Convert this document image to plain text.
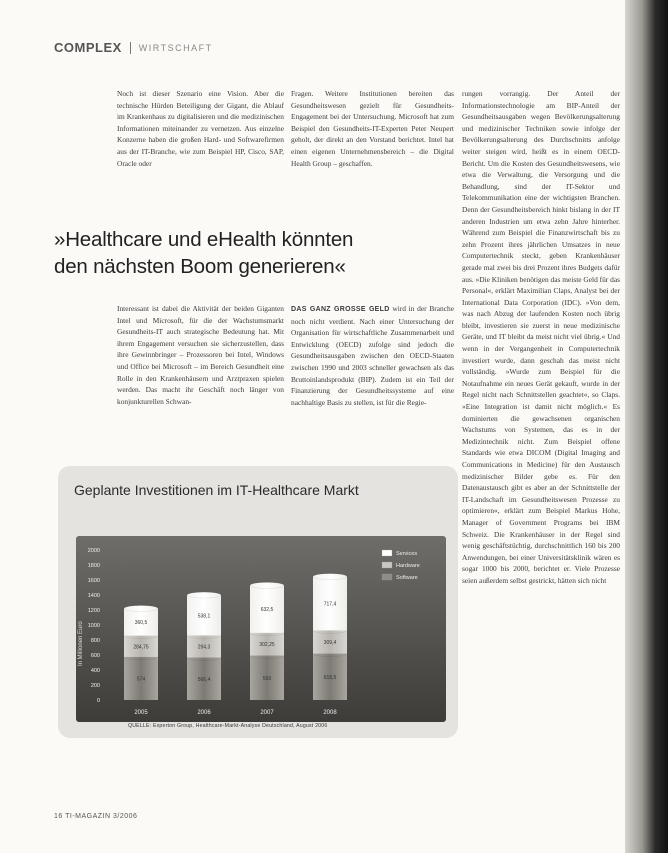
COMPLEX WIRTSCHAFT

Noch ist dieser Szenario eine Vision. Aber die technische Hürden Beteiligung der Gigant, die Ablauf im Krankenhaus zu digitalisieren und die medizinischen Informationen miteinander zu vernetzen. Aus einzelne Konzerne haben die großen Hard- und Softwarefirmen aus der IT-Branche, wie zum Beispiel HP, Cisco, SAP, Oracle oder

Fragen. Weitere Institutionen bereiten das Gesundheitswesen gezielt für Gesundheits-Engagement bei der Untersuchung. Microsoft hat zum Beispiel den Gesundheits-IT-Experten Peter Neupert geholt, der direkt an den Vorstand berichtet. Intel hat einen eigenen Unternehmensbereich – die Digital Health Group – geschaffen.

»Healthcare und eHealth könnten
den nächsten Boom generieren«

Interessant ist dabei die Aktivität der beiden Giganten Intel und Microsoft, für die der Wachstumsmarkt Gesundheits-IT auch strategische Bedeutung hat. Mit ihrem Engagement versuchen sie sicherzustellen, dass ihre Gewinnbringer – Prozessoren bei Intel, Windows und Office bei Microsoft – im Bereich Gesundheit eine Rolle in den Krankenhäusern und Arztpraxen spielen werden. Das macht ihr Geschäft noch länger von konjunkturellen Schwan-

DAS GANZ GROSSE GELD wird in der Branche noch nicht verdient. Nach einer Untersuchung der Organisation für wirtschaftliche Zusammenarbeit und Entwicklung (OECD) zufolge sind jedoch die Gesundheitsausgaben zwischen den OECD-Staaten zwischen 1990 und 2003 schneller gewachsen als das Bruttoinlandsprodukt (BIP). Zudem ist ein Teil der Finanzierung der Gesundheitssysteme auf eine nachhaltige Basis zu stellen, ist für die Regie-

rungen vorrangig. Der Anteil der Informationstechnologie am BIP-Anteil der Gesundheitsausgaben wegen Bevölkerungsalterung und medizinischer Techniken sowie infolge der Bevölkerungsalterung des Durchschnitts anfolge weiter steigen wird, heißt es in einem OECD-Bericht. Um die Kosten des Gesundheitswesens, wie etwa die Verwaltung, die Versorgung und die Behandlung, sind der IT-Sektor und Telekommunikation eine der wichtigsten Branchen. Denn der Gesundheitsbereich hinkt bislang in der IT anderen Industrien um etwa zehn Jahre hinterher. Während zum Beispiel die Finanzwirtschaft bis zu zehn Prozent ihres jährlichen Umsatzes in neue Computertechnik steckt, geben Krankenhäuser gerade mal zwei bis drei Prozent ihres Budgets dafür aus. »Die Kliniken benötigen das meiste Geld für das Personal«, erklärt Maximilian Claps, Analyst bei der International Data Corporation (IDC). »Von dem, was nach Abzug der laufenden Kosten noch übrig bleibt, investieren sie zuerst in neue medizinische Geräte, und IT bleibt da meist nicht viel übrig.« Und wenn in der Vergangenheit in Computertechnik investiert wurde, dann geschah das meist nicht vollständig. »Wurde zum Beispiel für die Notaufnahme ein neues Gerät gekauft, wurde in der Regel nicht nach Schnittstellen geachtet«, so Claps. »Eine Integration ist damit nicht möglich.« Es dominierten die gewachsenen organischen Wachstums von Systemen, das es in der Medizintechnik nicht. Zum Beispiel offene Standards wie etwa DICOM (Digital Imaging and Communications in Medicine) für den Austausch medizinischer Bilder gebe es. Für den Datenaustausch gibt es aber an der Schnittstelle der IT-Landschaft im Gesundheitswesen Prozesse zu optimieren«, erklärt zum Beispiel Markus Hohe, Manager of Government Programs bei IBM Schweiz. Die Krankenhäuser in der Regel sind wenig geschäftstüchtig, durchschnittlich 160 bis 200 Anwendungen, bei einer Universitätsklinik wären es sogar 1000 bis 2000, berichtet er. Viele Prozesse seien außerdem selbst gestrickt, hätten sich nicht

Geplante Investitionen im IT-Healthcare Markt
In Millionen Euro
2000
1800
1600
1400
1200
1000
800
600
400
200
0
574
284,75
360,5
566,4
294,3
538,1
593
302,25
632,5
618,5
309,4
717,4
2005	2006	2007	2008
Services
Hardware
Software
QUELLE: Experton Group, Healthcare-Markt-Analyse Deutschland, August 2006
16 TI-MAGAZIN 3/2006
